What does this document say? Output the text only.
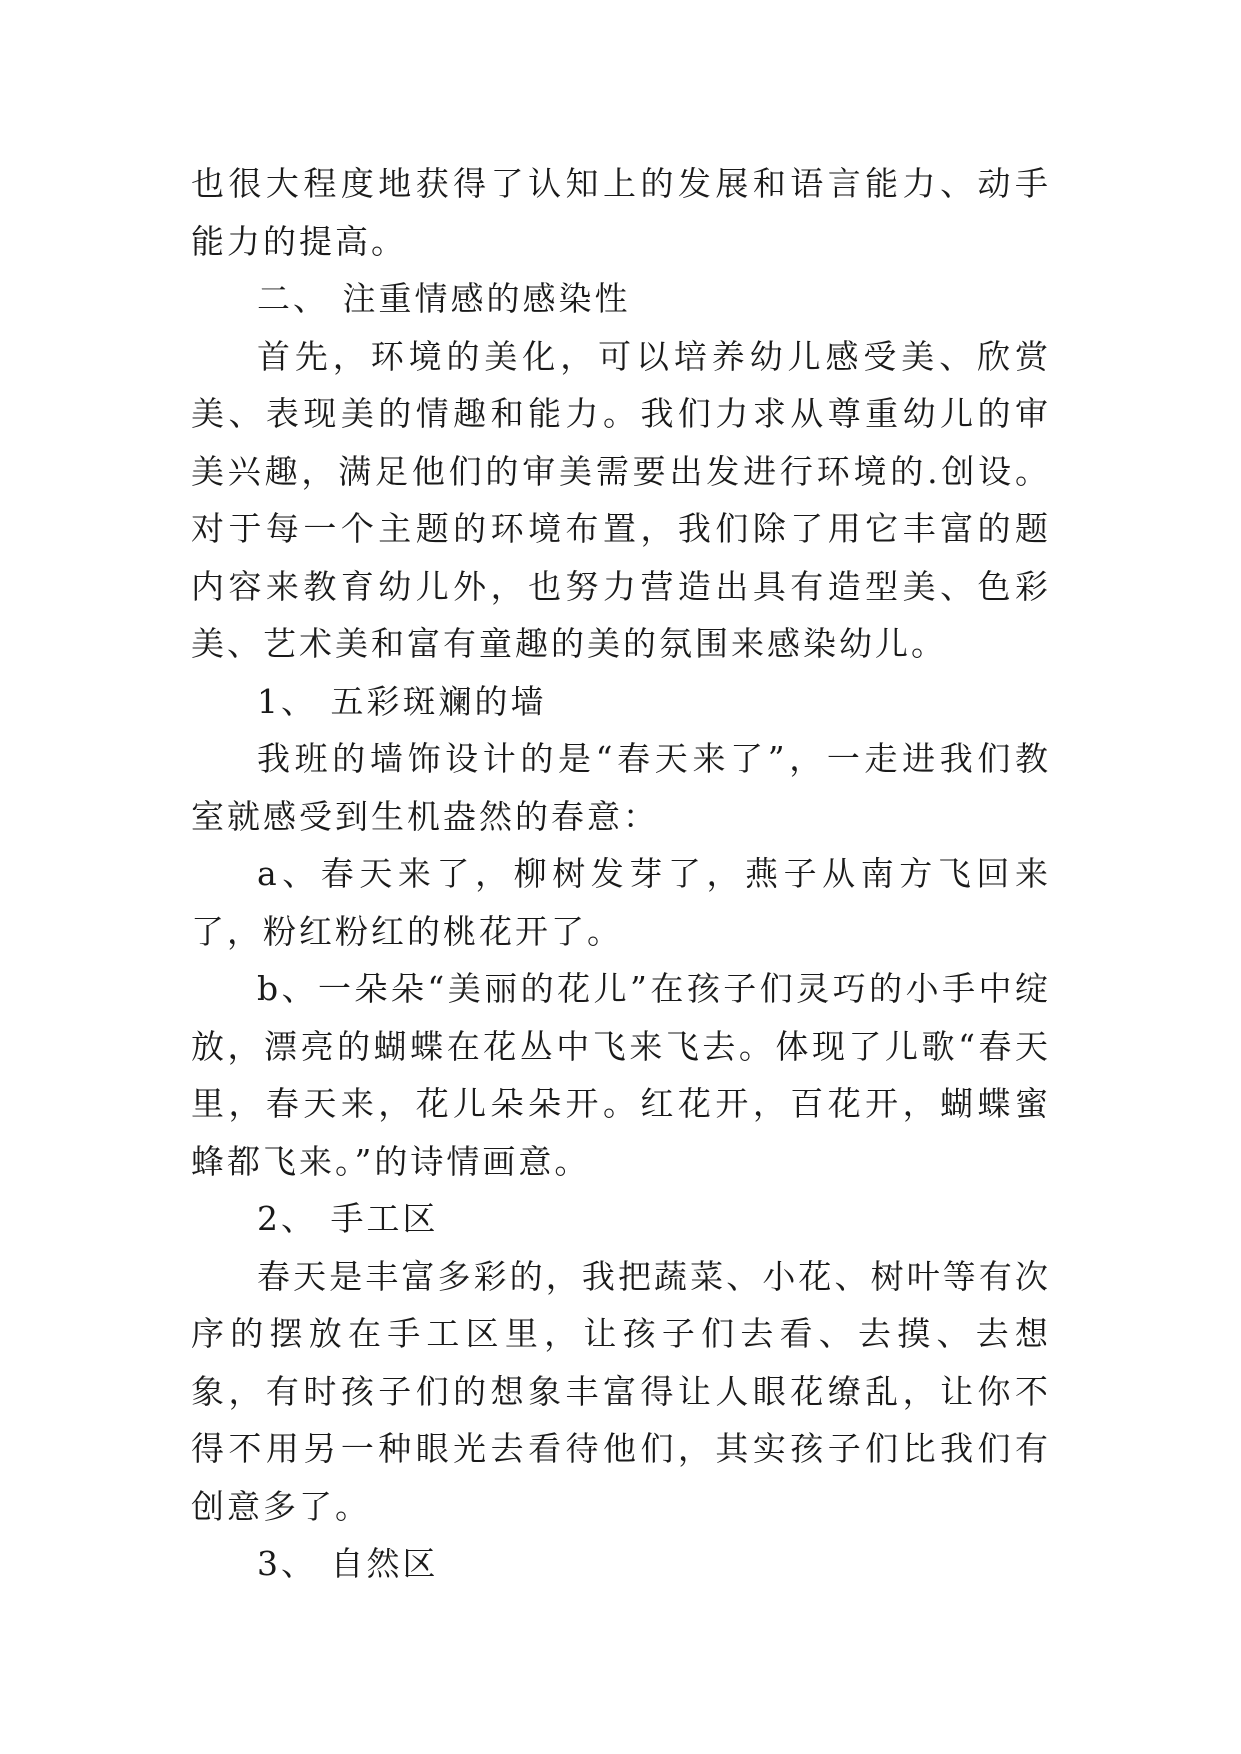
也很大程度地获得了认知上的发展和语言能力、动手能力的提高。

二、 注重情感的感染性

首先，环境的美化，可以培养幼儿感受美、欣赏美、表现美的情趣和能力。我们力求从尊重幼儿的审美兴趣，满足他们的审美需要出发进行环境的.创设。对于每一个主题的环境布置，我们除了用它丰富的题内容来教育幼儿外，也努力营造出具有造型美、色彩美、艺术美和富有童趣的美的氛围来感染幼儿。

1、 五彩斑斓的墙

我班的墙饰设计的是“春天来了”，一走进我们教室就感受到生机盎然的春意：

a、春天来了，柳树发芽了，燕子从南方飞回来了，粉红粉红的桃花开了。

b、一朵朵“美丽的花儿”在孩子们灵巧的小手中绽放，漂亮的蝴蝶在花丛中飞来飞去。体现了儿歌“春天里，春天来，花儿朵朵开。红花开，百花开，蝴蝶蜜蜂都飞来。”的诗情画意。

2、 手工区

春天是丰富多彩的，我把蔬菜、小花、树叶等有次序的摆放在手工区里，让孩子们去看、去摸、去想象，有时孩子们的想象丰富得让人眼花缭乱，让你不得不用另一种眼光去看待他们，其实孩子们比我们有创意多了。

3、 自然区
